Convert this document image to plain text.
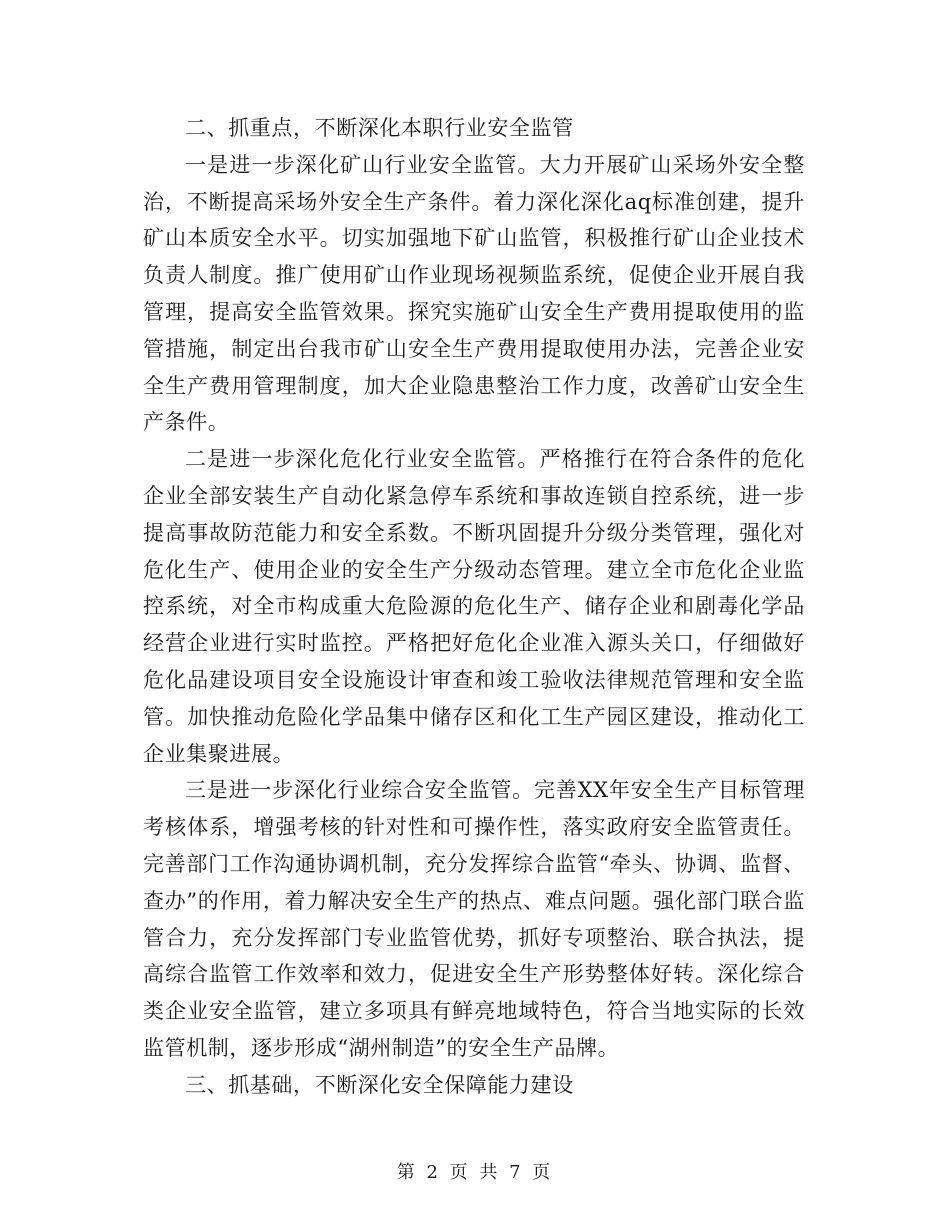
二、抓重点，不断深化本职行业安全监管

一是进一步深化矿山行业安全监管。大力开展矿山采场外安全整治，不断提高采场外安全生产条件。着力深化深化aq标准创建，提升矿山本质安全水平。切实加强地下矿山监管，积极推行矿山企业技术负责人制度。推广使用矿山作业现场视频监系统，促使企业开展自我管理，提高安全监管效果。探究实施矿山安全生产费用提取使用的监管措施，制定出台我市矿山安全生产费用提取使用办法，完善企业安全生产费用管理制度，加大企业隐患整治工作力度，改善矿山安全生产条件。

二是进一步深化危化行业安全监管。严格推行在符合条件的危化企业全部安装生产自动化紧急停车系统和事故连锁自控系统，进一步提高事故防范能力和安全系数。不断巩固提升分级分类管理，强化对危化生产、使用企业的安全生产分级动态管理。建立全市危化企业监控系统，对全市构成重大危险源的危化生产、储存企业和剧毒化学品经营企业进行实时监控。严格把好危化企业准入源头关口，仔细做好危化品建设项目安全设施设计审查和竣工验收法律规范管理和安全监管。加快推动危险化学品集中储存区和化工生产园区建设，推动化工企业集聚进展。

三是进一步深化行业综合安全监管。完善XX年安全生产目标管理考核体系，增强考核的针对性和可操作性，落实政府安全监管责任。完善部门工作沟通协调机制，充分发挥综合监管“牵头、协调、监督、查办”的作用，着力解决安全生产的热点、难点问题。强化部门联合监管合力，充分发挥部门专业监管优势，抓好专项整治、联合执法，提高综合监管工作效率和效力，促进安全生产形势整体好转。深化综合类企业安全监管，建立多项具有鲜亮地域特色，符合当地实际的长效监管机制，逐步形成“湖州制造”的安全生产品牌。

三、抓基础，不断深化安全保障能力建设

第 2 页 共 7 页
